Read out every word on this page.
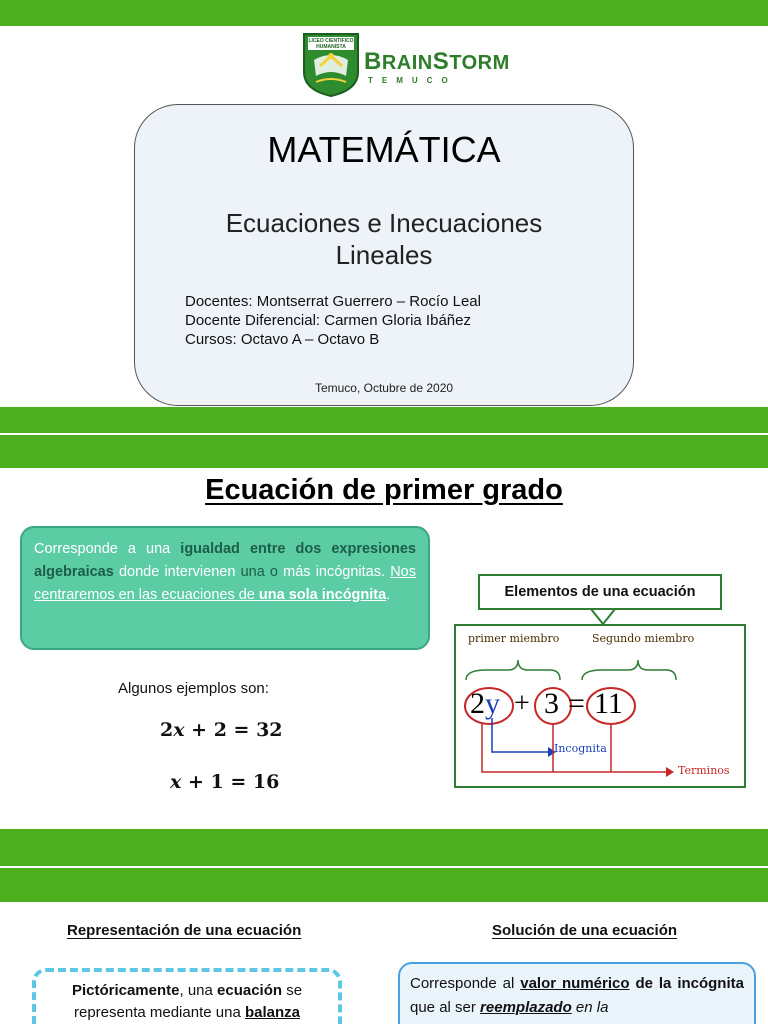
LICEO CIENTIFICO HUMANISTA
BRAINSTORM
TEMUCO
MATEMÁTICA
Ecuaciones e Inecuaciones
Lineales
Docentes: Montserrat Guerrero – Rocío Leal
Docente Diferencial: Carmen Gloria Ibáñez
Cursos: Octavo A – Octavo B
Temuco, Octubre de 2020
Ecuación de primer grado
Corresponde a una igualdad entre dos expresiones algebraicas donde intervienen una o más incógnitas. Nos centraremos en las ecuaciones de una sola incógnita.
Algunos ejemplos son:
2x + 2 = 32
x + 1 = 16
Elementos de una ecuación
primer miembro	Segundo miembro
2y + 3 = 11
Incognita
Terminos
Representación de una ecuación	Solución de una ecuación
Pictóricamente, una ecuación se representa mediante una balanza
Corresponde al valor numérico de la incógnita que al ser reemplazado en la
